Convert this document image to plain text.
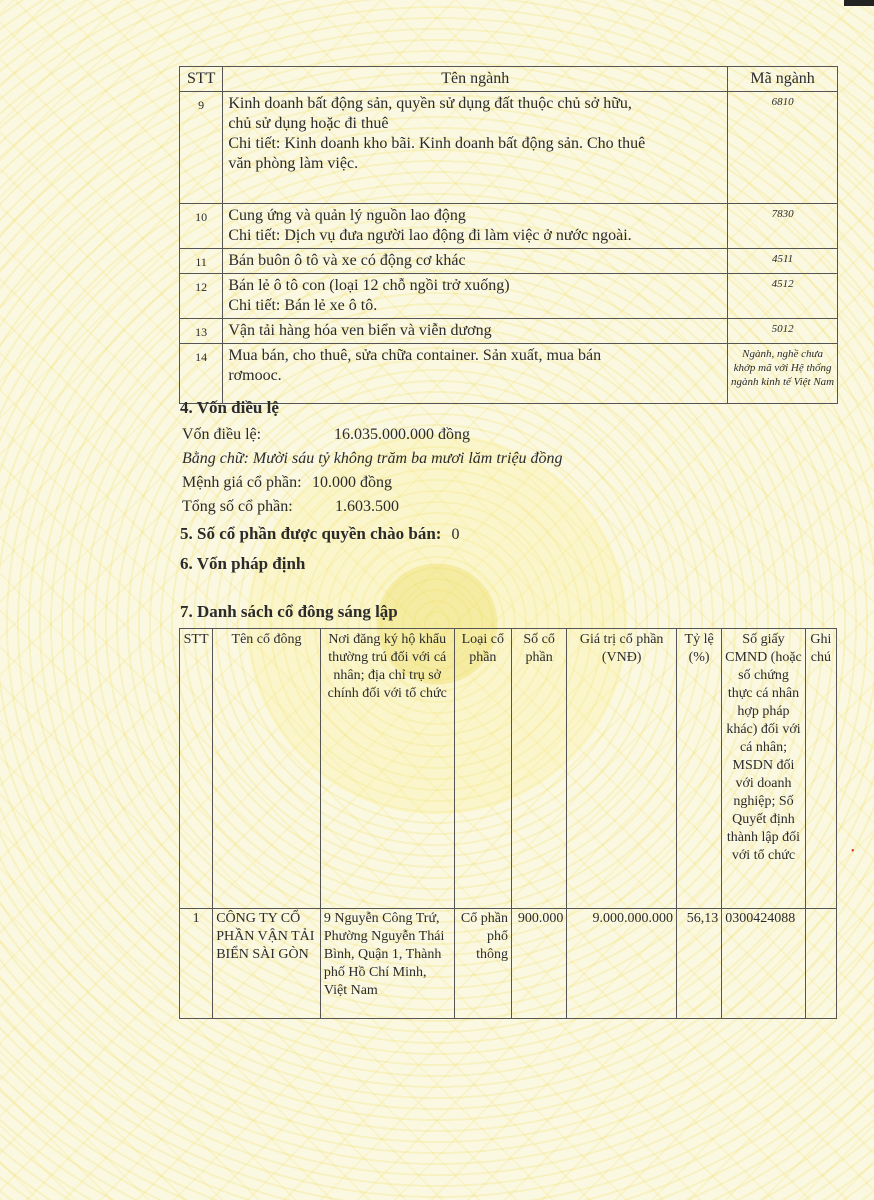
STT	Tên ngành	Mã ngành
9	Kinh doanh bất động sản, quyền sử dụng đất thuộc chủ sở hữu,
chủ sử dụng hoặc đi thuê
Chi tiết: Kinh doanh kho bãi. Kinh doanh bất động sản. Cho thuê
văn phòng làm việc.	6810
10	Cung ứng và quản lý nguồn lao động
Chi tiết: Dịch vụ đưa người lao động đi làm việc ở nước ngoài.	7830
11	Bán buôn ô tô và xe có động cơ khác	4511
12	Bán lẻ ô tô con (loại 12 chỗ ngồi trở xuống)
Chi tiết: Bán lẻ xe ô tô.	4512
13	Vận tải hàng hóa ven biển và viễn dương	5012
14	Mua bán, cho thuê, sửa chữa container. Sản xuất, mua bán
rơmooc.	Ngành, nghề chưa khớp mã với Hệ thống ngành kinh tế Việt Nam
4. Vốn điều lệ
Vốn điều lệ:	16.035.000.000 đồng
Bằng chữ: Mười sáu tỷ không trăm ba mươi lăm triệu đồng
Mệnh giá cổ phần: 10.000 đồng
Tổng số cổ phần:	1.603.500
5. Số cổ phần được quyền chào bán: 0
6. Vốn pháp định
7. Danh sách cổ đông sáng lập
STT	Tên cổ đông	Nơi đăng ký hộ khẩu thường trú đối với cá nhân; địa chỉ trụ sở chính đối với tổ chức	Loại cổ phần	Số cổ phần	Giá trị cổ phần (VNĐ)	Tỷ lệ (%)	Số giấy CMND (hoặc số chứng thực cá nhân hợp pháp khác) đối với cá nhân; MSDN đối với doanh nghiệp; Số Quyết định thành lập đối với tổ chức	Ghi chú
1	CÔNG TY CỔ PHẦN VẬN TẢI BIỂN SÀI GÒN	9 Nguyễn Công Trứ, Phường Nguyễn Thái Bình, Quận 1, Thành phố Hồ Chí Minh, Việt Nam	Cổ phần phổ thông	900.000	9.000.000.000	56,13	0300424088	
•
